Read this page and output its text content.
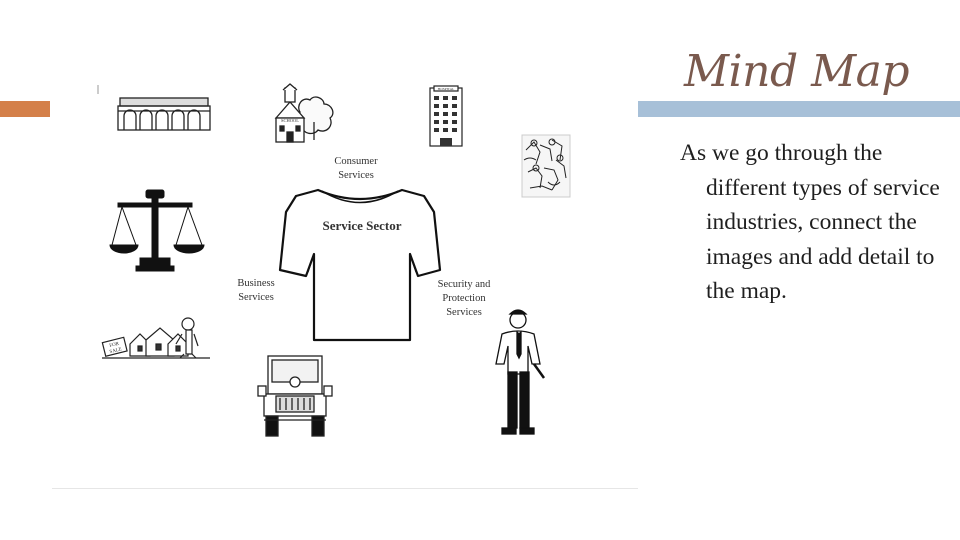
Mind Map
As we go through the different types of service industries, connect the images and add detail to the map.
SCHOOL
HOSPITAL
FOR
SALE
Service Sector
Consumer
Services
Business
Services
Security and
Protection
Services
